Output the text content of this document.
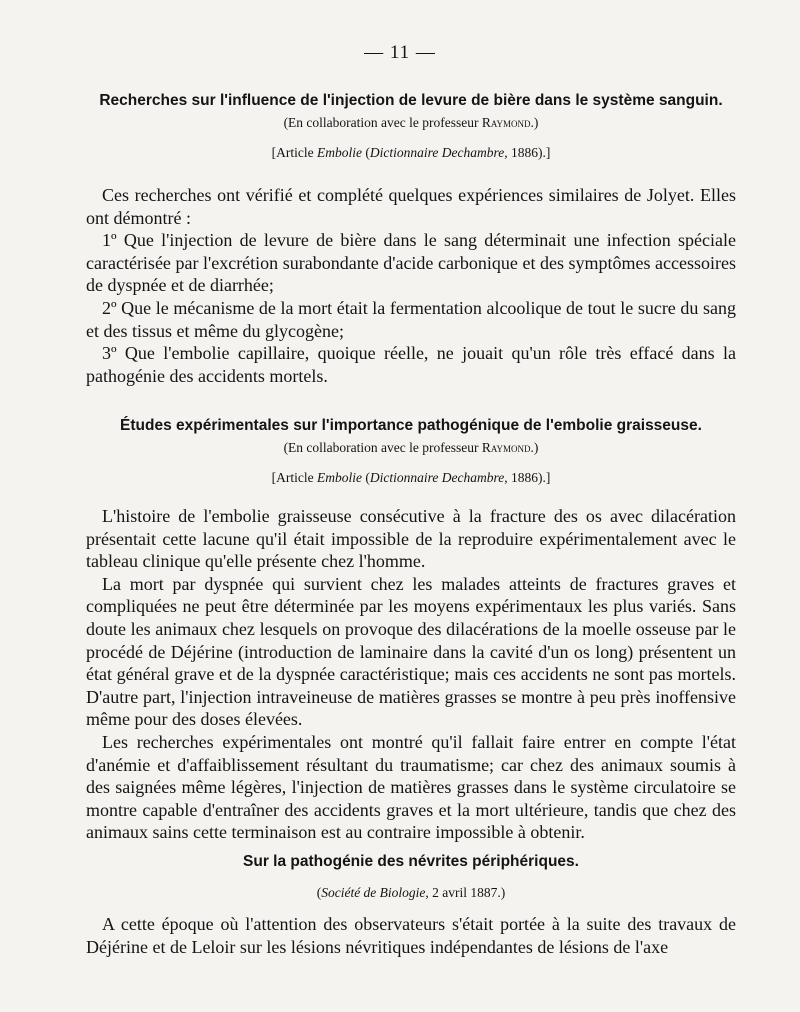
— 11 —

Recherches sur l'influence de l'injection de levure de bière dans le système sanguin.

(En collaboration avec le professeur Raymond.)

[Article Embolie (Dictionnaire Dechambre, 1886).]

Ces recherches ont vérifié et complété quelques expériences similaires de Jolyet. Elles ont démontré :

1º Que l'injection de levure de bière dans le sang déterminait une infection spéciale caractérisée par l'excrétion surabondante d'acide carbonique et des symptômes accessoires de dyspnée et de diarrhée;

2º Que le mécanisme de la mort était la fermentation alcoolique de tout le sucre du sang et des tissus et même du glycogène;

3º Que l'embolie capillaire, quoique réelle, ne jouait qu'un rôle très effacé dans la pathogénie des accidents mortels.

Études expérimentales sur l'importance pathogénique de l'embolie graisseuse.

(En collaboration avec le professeur Raymond.)

[Article Embolie (Dictionnaire Dechambre, 1886).]

L'histoire de l'embolie graisseuse consécutive à la fracture des os avec dilacération présentait cette lacune qu'il était impossible de la reproduire expérimentalement avec le tableau clinique qu'elle présente chez l'homme.

La mort par dyspnée qui survient chez les malades atteints de fractures graves et compliquées ne peut être déterminée par les moyens expérimentaux les plus variés. Sans doute les animaux chez lesquels on provoque des dilacérations de la moelle osseuse par le procédé de Déjérine (introduction de laminaire dans la cavité d'un os long) présentent un état général grave et de la dyspnée caractéristique; mais ces accidents ne sont pas mortels. D'autre part, l'injection intraveineuse de matières grasses se montre à peu près inoffensive même pour des doses élevées.

Les recherches expérimentales ont montré qu'il fallait faire entrer en compte l'état d'anémie et d'affaiblissement résultant du traumatisme; car chez des animaux soumis à des saignées même légères, l'injection de matières grasses dans le système circulatoire se montre capable d'entraîner des accidents graves et la mort ultérieure, tandis que chez des animaux sains cette terminaison est au contraire impossible à obtenir.

Sur la pathogénie des névrites périphériques.

(Société de Biologie, 2 avril 1887.)

A cette époque où l'attention des observateurs s'était portée à la suite des travaux de Déjérine et de Leloir sur les lésions névritiques indépendantes de lésions de l'axe
